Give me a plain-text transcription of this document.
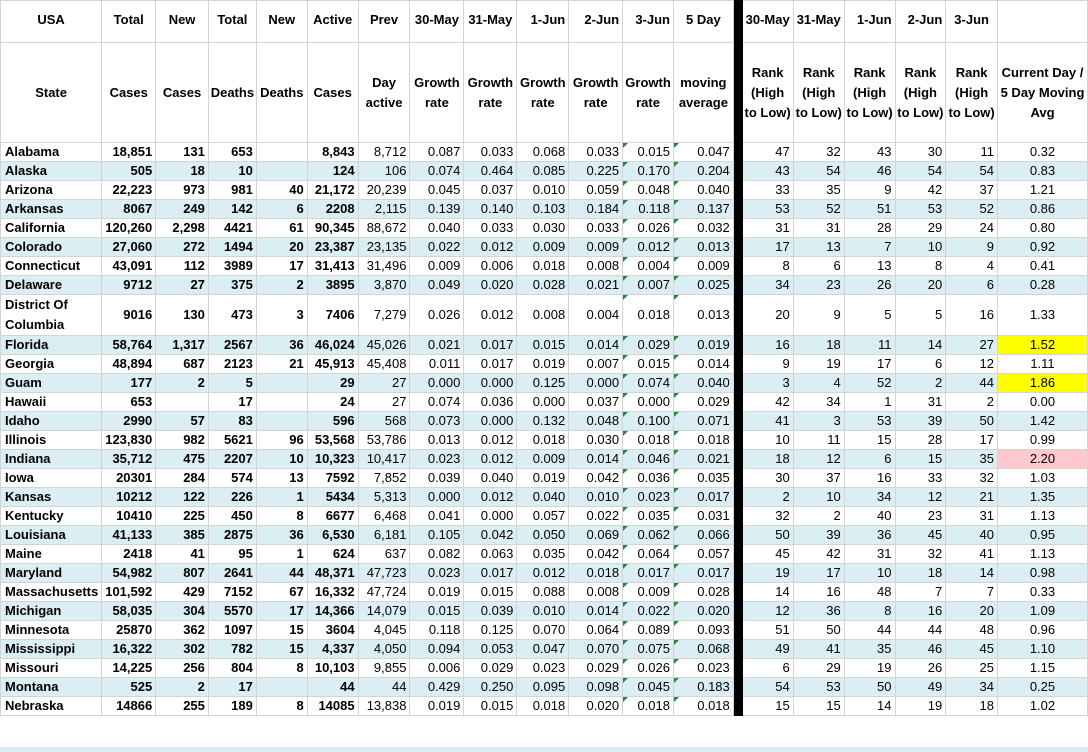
USA	Total	New	Total	New	Active	Prev	30-May	31-May	1-Jun	2-Jun	3-Jun	5 Day		30-May	31-May	1-Jun	2-Jun	3-Jun	
State	Cases	Cases	Deaths	Deaths	Cases	Day active	Growth rate	Growth rate	Growth rate	Growth rate	Growth rate	moving average		Rank (High to Low)	Rank (High to Low)	Rank (High to Low)	Rank (High to Low)	Rank (High to Low)	Current Day / 5 Day Moving Avg
Alabama	18,851	131	653		8,843	8,712	0.087	0.033	0.068	0.033	0.015	0.047		47	32	43	30	11	0.32
Alaska	505	18	10		124	106	0.074	0.464	0.085	0.225	0.170	0.204		43	54	46	54	54	0.83
Arizona	22,223	973	981	40	21,172	20,239	0.045	0.037	0.010	0.059	0.048	0.040		33	35	9	42	37	1.21
Arkansas	8067	249	142	6	2208	2,115	0.139	0.140	0.103	0.184	0.118	0.137		53	52	51	53	52	0.86
California	120,260	2,298	4421	61	90,345	88,672	0.040	0.033	0.030	0.033	0.026	0.032		31	31	28	29	24	0.80
Colorado	27,060	272	1494	20	23,387	23,135	0.022	0.012	0.009	0.009	0.012	0.013		17	13	7	10	9	0.92
Connecticut	43,091	112	3989	17	31,413	31,496	0.009	0.006	0.018	0.008	0.004	0.009		8	6	13	8	4	0.41
Delaware	9712	27	375	2	3895	3,870	0.049	0.020	0.028	0.021	0.007	0.025		34	23	26	20	6	0.28
District Of Columbia	9016	130	473	3	7406	7,279	0.026	0.012	0.008	0.004	0.018	0.013		20	9	5	5	16	1.33
Florida	58,764	1,317	2567	36	46,024	45,026	0.021	0.017	0.015	0.014	0.029	0.019		16	18	11	14	27	1.52
Georgia	48,894	687	2123	21	45,913	45,408	0.011	0.017	0.019	0.007	0.015	0.014		9	19	17	6	12	1.11
Guam	177	2	5		29	27	0.000	0.000	0.125	0.000	0.074	0.040		3	4	52	2	44	1.86
Hawaii	653		17		24	27	0.074	0.036	0.000	0.037	0.000	0.029		42	34	1	31	2	0.00
Idaho	2990	57	83		596	568	0.073	0.000	0.132	0.048	0.100	0.071		41	3	53	39	50	1.42
Illinois	123,830	982	5621	96	53,568	53,786	0.013	0.012	0.018	0.030	0.018	0.018		10	11	15	28	17	0.99
Indiana	35,712	475	2207	10	10,323	10,417	0.023	0.012	0.009	0.014	0.046	0.021		18	12	6	15	35	2.20
Iowa	20301	284	574	13	7592	7,852	0.039	0.040	0.019	0.042	0.036	0.035		30	37	16	33	32	1.03
Kansas	10212	122	226	1	5434	5,313	0.000	0.012	0.040	0.010	0.023	0.017		2	10	34	12	21	1.35
Kentucky	10410	225	450	8	6677	6,468	0.041	0.000	0.057	0.022	0.035	0.031		32	2	40	23	31	1.13
Louisiana	41,133	385	2875	36	6,530	6,181	0.105	0.042	0.050	0.069	0.062	0.066		50	39	36	45	40	0.95
Maine	2418	41	95	1	624	637	0.082	0.063	0.035	0.042	0.064	0.057		45	42	31	32	41	1.13
Maryland	54,982	807	2641	44	48,371	47,723	0.023	0.017	0.012	0.018	0.017	0.017		19	17	10	18	14	0.98
Massachusetts	101,592	429	7152	67	16,332	47,724	0.019	0.015	0.088	0.008	0.009	0.028		14	16	48	7	7	0.33
Michigan	58,035	304	5570	17	14,366	14,079	0.015	0.039	0.010	0.014	0.022	0.020		12	36	8	16	20	1.09
Minnesota	25870	362	1097	15	3604	4,045	0.118	0.125	0.070	0.064	0.089	0.093		51	50	44	44	48	0.96
Mississippi	16,322	302	782	15	4,337	4,050	0.094	0.053	0.047	0.070	0.075	0.068		49	41	35	46	45	1.10
Missouri	14,225	256	804	8	10,103	9,855	0.006	0.029	0.023	0.029	0.026	0.023		6	29	19	26	25	1.15
Montana	525	2	17		44	44	0.429	0.250	0.095	0.098	0.045	0.183		54	53	50	49	34	0.25
Nebraska	14866	255	189	8	14085	13,838	0.019	0.015	0.018	0.020	0.018	0.018		15	15	14	19	18	1.02
